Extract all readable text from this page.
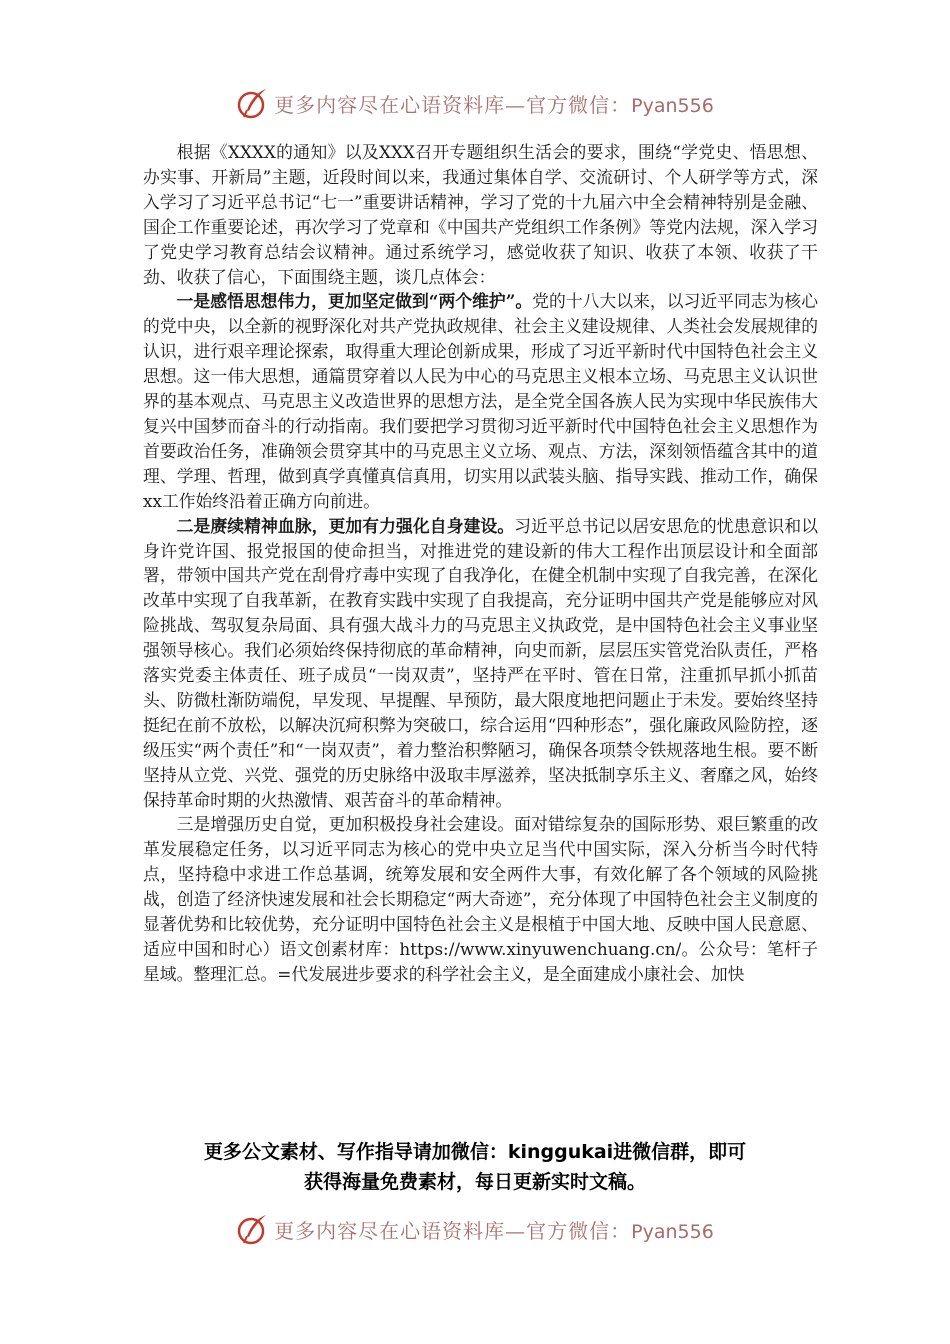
更多内容尽在心语资料库—官方微信：Pyan556

根据《XXXX的通知》以及XXX召开专题组织生活会的要求，围绕“学党史、悟思想、办实事、开新局”主题，近段时间以来，我通过集体自学、交流研讨、个人研学等方式，深入学习了习近平总书记“七一”重要讲话精神，学习了党的十九届六中全会精神特别是金融、国企工作重要论述，再次学习了党章和《中国共产党组织工作条例》等党内法规，深入学习了党史学习教育总结会议精神。通过系统学习，感觉收获了知识、收获了本领、收获了干劲、收获了信心，下面围绕主题，谈几点体会：

一是感悟思想伟力，更加坚定做到“两个维护”。党的十八大以来，以习近平同志为核心的党中央，以全新的视野深化对共产党执政规律、社会主义建设规律、人类社会发展规律的认识，进行艰辛理论探索，取得重大理论创新成果，形成了习近平新时代中国特色社会主义思想。这一伟大思想，通篇贯穿着以人民为中心的马克思主义根本立场、马克思主义认识世界的基本观点、马克思主义改造世界的思想方法，是全党全国各族人民为实现中华民族伟大复兴中国梦而奋斗的行动指南。我们要把学习贯彻习近平新时代中国特色社会主义思想作为首要政治任务，准确领会贯穿其中的马克思主义立场、观点、方法，深刻领悟蕴含其中的道理、学理、哲理，做到真学真懂真信真用，切实用以武装头脑、指导实践、推动工作，确保xx工作始终沿着正确方向前进。

二是赓续精神血脉，更加有力强化自身建设。习近平总书记以居安思危的忧患意识和以身许党许国、报党报国的使命担当，对推进党的建设新的伟大工程作出顶层设计和全面部署，带领中国共产党在刮骨疗毒中实现了自我净化，在健全机制中实现了自我完善，在深化改革中实现了自我革新，在教育实践中实现了自我提高，充分证明中国共产党是能够应对风险挑战、驾驭复杂局面、具有强大战斗力的马克思主义执政党，是中国特色社会主义事业坚强领导核心。我们必须始终保持彻底的革命精神，向史而新，层层压实管党治队责任，严格落实党委主体责任、班子成员“一岗双责”，坚持严在平时、管在日常，注重抓早抓小抓苗头、防微杜渐防端倪，早发现、早提醒、早预防，最大限度地把问题止于未发。要始终坚持挺纪在前不放松，以解决沉疴积弊为突破口，综合运用“四种形态”，强化廉政风险防控，逐级压实“两个责任”和“一岗双责”，着力整治积弊陋习，确保各项禁令铁规落地生根。要不断坚持从立党、兴党、强党的历史脉络中汲取丰厚滋养，坚决抵制享乐主义、奢靡之风，始终保持革命时期的火热激情、艰苦奋斗的革命精神。

三是增强历史自觉，更加积极投身社会建设。面对错综复杂的国际形势、艰巨繁重的改革发展稳定任务，以习近平同志为核心的党中央立足当代中国实际，深入分析当今时代特点，坚持稳中求进工作总基调，统筹发展和安全两件大事，有效化解了各个领域的风险挑战，创造了经济快速发展和社会长期稳定“两大奇迹”，充分体现了中国特色社会主义制度的显著优势和比较优势，充分证明中国特色社会主义是根植于中国大地、反映中国人民意愿、适应中国和时心）语文创素材库：https://www.xinyuwenchuang.cn/。公众号：笔杆子星域。整理汇总。=代发展进步要求的科学社会主义，是全面建成小康社会、加快

更多公文素材、写作指导请加微信：kinggukai进微信群，即可
获得海量免费素材，每日更新实时文稿。
更多内容尽在心语资料库—官方微信：Pyan556
